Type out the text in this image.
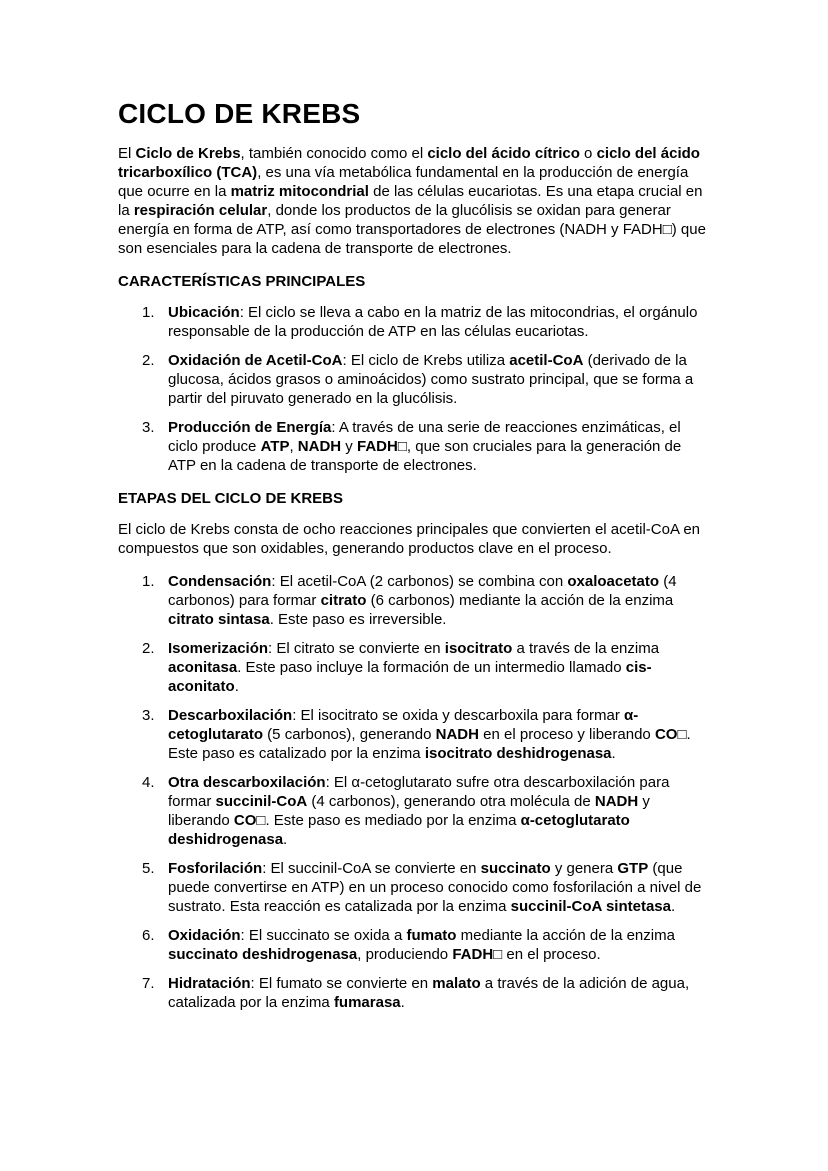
CICLO DE KREBS

El Ciclo de Krebs, también conocido como el ciclo del ácido cítrico o ciclo del ácido tricarboxílico (TCA), es una vía metabólica fundamental en la producción de energía que ocurre en la matriz mitocondrial de las células eucariotas. Es una etapa crucial en la respiración celular, donde los productos de la glucólisis se oxidan para generar energía en forma de ATP, así como transportadores de electrones (NADH y FADH□) que son esenciales para la cadena de transporte de electrones.

CARACTERÍSTICAS PRINCIPALES
1. Ubicación: El ciclo se lleva a cabo en la matriz de las mitocondrias, el orgánulo responsable de la producción de ATP en las células eucariotas.
2. Oxidación de Acetil-CoA: El ciclo de Krebs utiliza acetil-CoA (derivado de la glucosa, ácidos grasos o aminoácidos) como sustrato principal, que se forma a partir del piruvato generado en la glucólisis.
3. Producción de Energía: A través de una serie de reacciones enzimáticas, el ciclo produce ATP, NADH y FADH□, que son cruciales para la generación de ATP en la cadena de transporte de electrones.
ETAPAS DEL CICLO DE KREBS

El ciclo de Krebs consta de ocho reacciones principales que convierten el acetil-CoA en compuestos que son oxidables, generando productos clave en el proceso.

1. Condensación: El acetil-CoA (2 carbonos) se combina con oxaloacetato (4 carbonos) para formar citrato (6 carbonos) mediante la acción de la enzima citrato sintasa. Este paso es irreversible.
2. Isomerización: El citrato se convierte en isocitrato a través de la enzima aconitasa. Este paso incluye la formación de un intermedio llamado cis-aconitato.
3. Descarboxilación: El isocitrato se oxida y descarboxila para formar α-cetoglutarato (5 carbonos), generando NADH en el proceso y liberando CO□. Este paso es catalizado por la enzima isocitrato deshidrogenasa.
4. Otra descarboxilación: El α-cetoglutarato sufre otra descarboxilación para formar succinil-CoA (4 carbonos), generando otra molécula de NADH y liberando CO□. Este paso es mediado por la enzima α-cetoglutarato deshidrogenasa.
5. Fosforilación: El succinil-CoA se convierte en succinato y genera GTP (que puede convertirse en ATP) en un proceso conocido como fosforilación a nivel de sustrato. Esta reacción es catalizada por la enzima succinil-CoA sintetasa.
6. Oxidación: El succinato se oxida a fumato mediante la acción de la enzima succinato deshidrogenasa, produciendo FADH□ en el proceso.
7. Hidratación: El fumato se convierte en malato a través de la adición de agua, catalizada por la enzima fumarasa.
